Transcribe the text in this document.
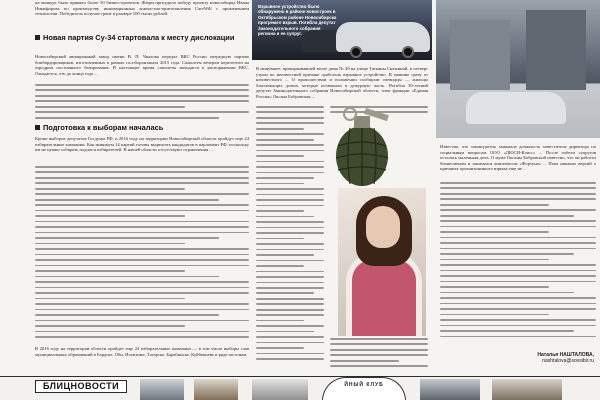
на конкурс было принято более 50 бизнес-проектов. Жюри присудило победу проекту новосибирца Ивана Никифорова по производству инновационных компостно-приготовления CareWill с применением технологии. Победитель получит грант в размере 100 тысяч рублей.

Новая партия Су-34 стартовала к месту дислокации

Новосибирский авиационный завод имени В. П. Чкалова передал ВКС России очередную партию бомбардировщиков, изготовленных в рамках гособоронзаказа 2015 года. Самолеты вечером перелетели на аэродром постоянного базирования. В настоящее время самолеты находятся в распоряжении ВКС. Ожидается, что до конца года ...

Подготовка к выборам началась

Кроме выборов депутатов Госдумы РФ, в 2016 году на территории Новосибирской области пройдут еще 24 избирательные кампании. Как минимум 14 партий готовы выдвигать кандидатов в парламент РФ, поскольку им не нужно собирать подписи избирателей. В нашей области отсутствуют ограничения ...

В 2016 году на территории области пройдет еще 24 избирательные кампании — в том числе выборы глав муниципальных образований в Бердске, Оби, Искитиме, Татарске, Барабинске, Куйбышеве и ряде поселков.

Взрывное устройство было обнаружено в районе новостроек в Октябрьском районе Новосибирска прогремел взрыв. Погибла депутат Законодательного собрания региона и ее супруг.

В минувшее, припарковавшей возле дома № 49 на улице Татьяны Снежиной, в четверг утром по неизвестной причине сработало взрывное устройство. В машине сразу от неизвестного ... О происшествии и положении сообщили очевидцы — жильцы близлежащих домов, которые позвонили в дежурную часть. Погибла 30-летний депутат Законодательного собрания Новосибирской области, член фракции «Единая Россия» Оксана Бобровская ...

Известно, что законодатель занимала должность заместителя директора по социальным вопросам ООО «ДЮСИ-Класс» ... После гибели супругов осталась маленькая дочь. О муже Оксаны Бобровской известно, что он работал бизнесменом и занимался комплексом «Фортуна» ... Пока никаких версий о причинах организованного взрыва еще не ...

Наталья НАШТАЛОВА,
nashtalova@sovsibir.ru
БЛИЦНОВОСТИ	ЙНЫЙ КЛУБ
